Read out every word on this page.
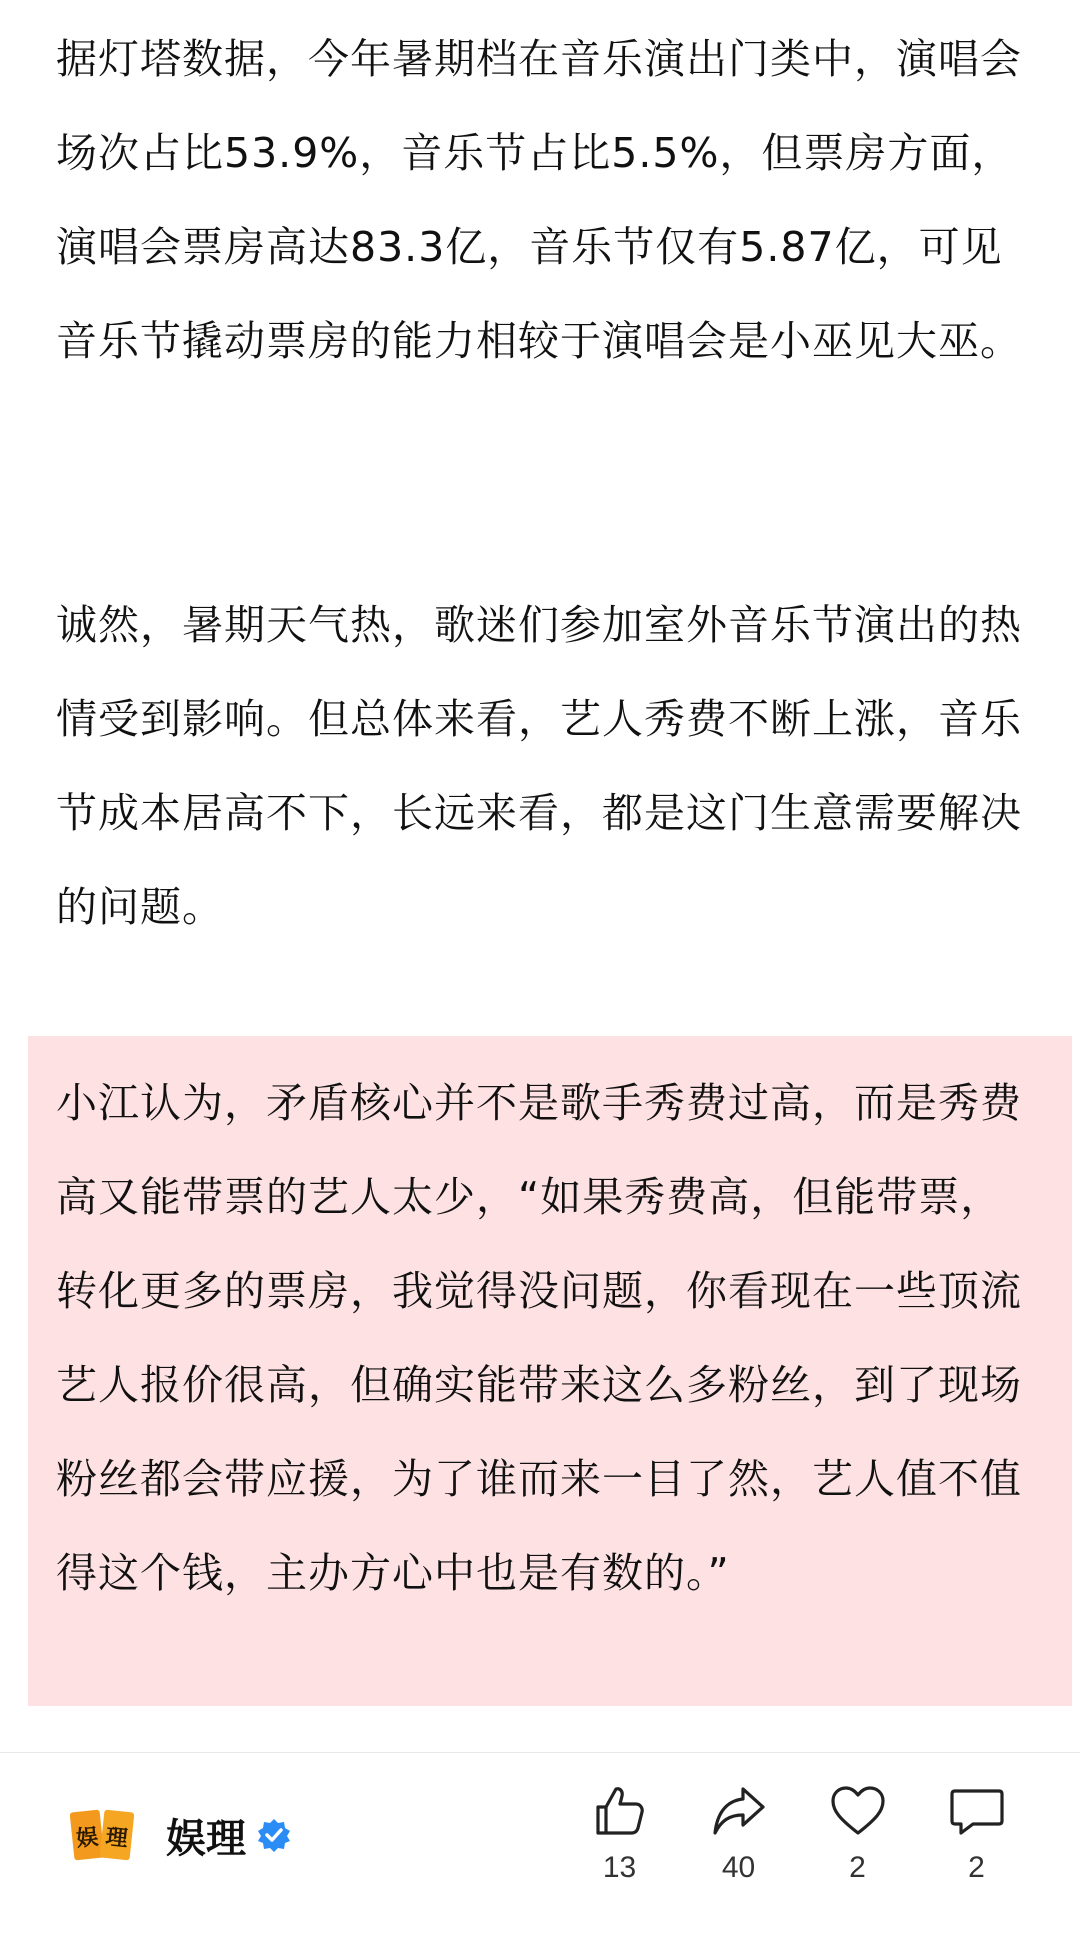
据灯塔数据，今年暑期档在音乐演出门类中，演唱会场次占比53.9%，音乐节占比5.5%，但票房方面，演唱会票房高达83.3亿，音乐节仅有5.87亿，可见音乐节撬动票房的能力相较于演唱会是小巫见大巫。

诚然，暑期天气热，歌迷们参加室外音乐节演出的热情受到影响。但总体来看，艺人秀费不断上涨，音乐节成本居高不下，长远来看，都是这门生意需要解决的问题。

小江认为，矛盾核心并不是歌手秀费过高，而是秀费高又能带票的艺人太少，“如果秀费高，但能带票，转化更多的票房，我觉得没问题，你看现在一些顶流艺人报价很高，但确实能带来这么多粉丝，到了现场粉丝都会带应援，为了谁而来一目了然，艺人值不值得这个钱，主办方心中也是有数的。”

娱 理 娱理
13	40	2	2
